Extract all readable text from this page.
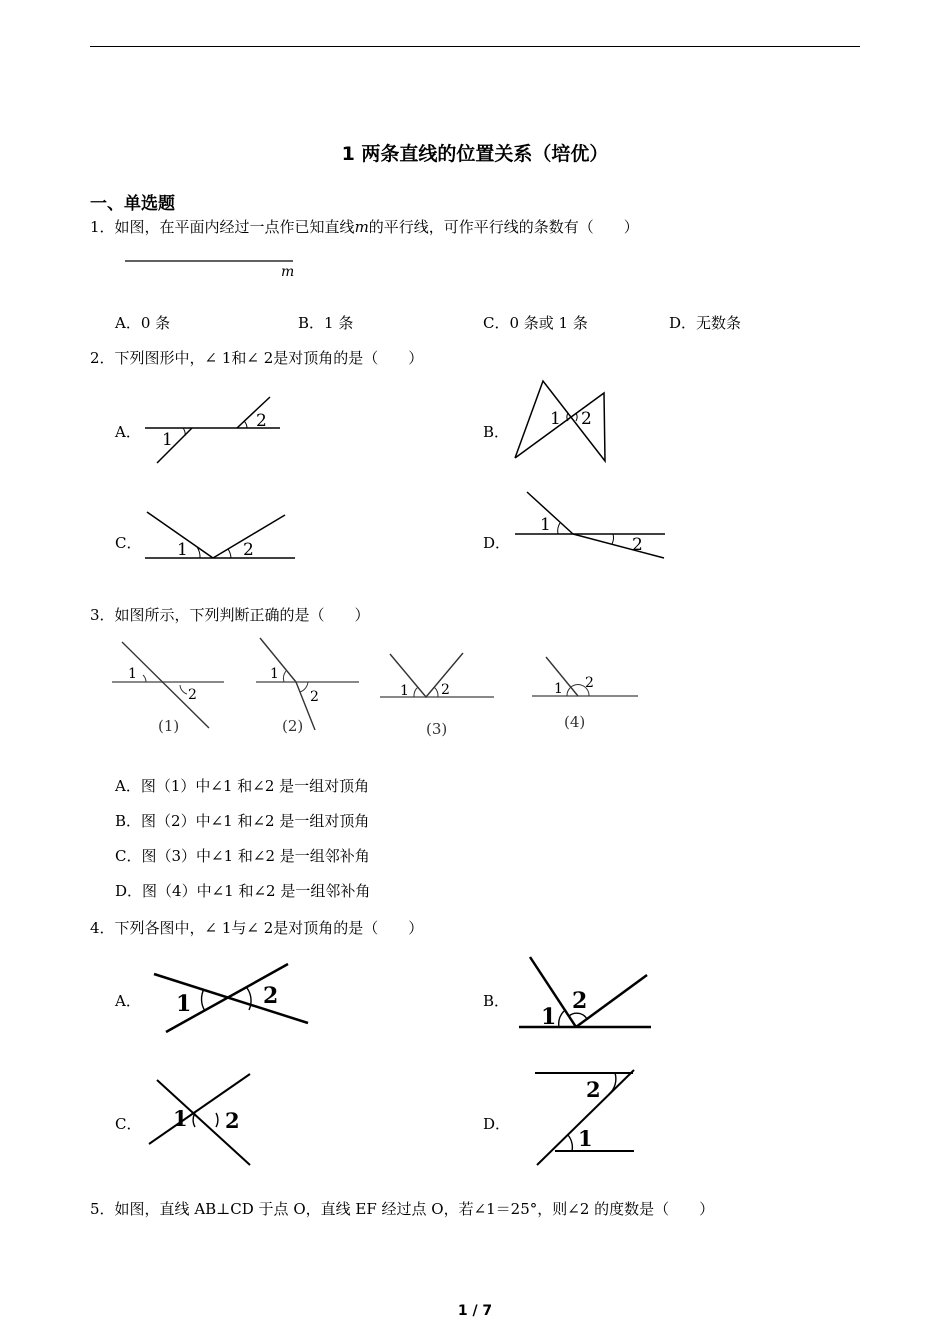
1 两条直线的位置关系（培优）
一、单选题
1．如图，在平面内经过一点作已知直线m的平行线，可作平行线的条数有（　　）
m
A．0 条	B．1 条	C．0 条或 1 条	D．无数条
2．下列图形中，∠ 1和∠ 2是对顶角的是（　　）
A． 1
2
B．
1 2
C． 1	2	D．
1
2
3．如图所示，下列判断正确的是（　　）
1
2
(1)
1
2
(2)
1 2
(3)
1 2
(4)
A．图（1）中∠1 和∠2 是一组对顶角
B．图（2）中∠1 和∠2 是一组对顶角
C．图（3）中∠1 和∠2 是一组邻补角
D．图（4）中∠1 和∠2 是一组邻补角
4．下列各图中，∠ 1与∠ 2是对顶角的是（　　）
A． 1	2	B．
1
2
C． 1 2	D．
2
1
5．如图，直线 AB⊥CD 于点 O，直线 EF 经过点 O，若∠1＝25°，则∠2 的度数是（　　）
1 / 7
